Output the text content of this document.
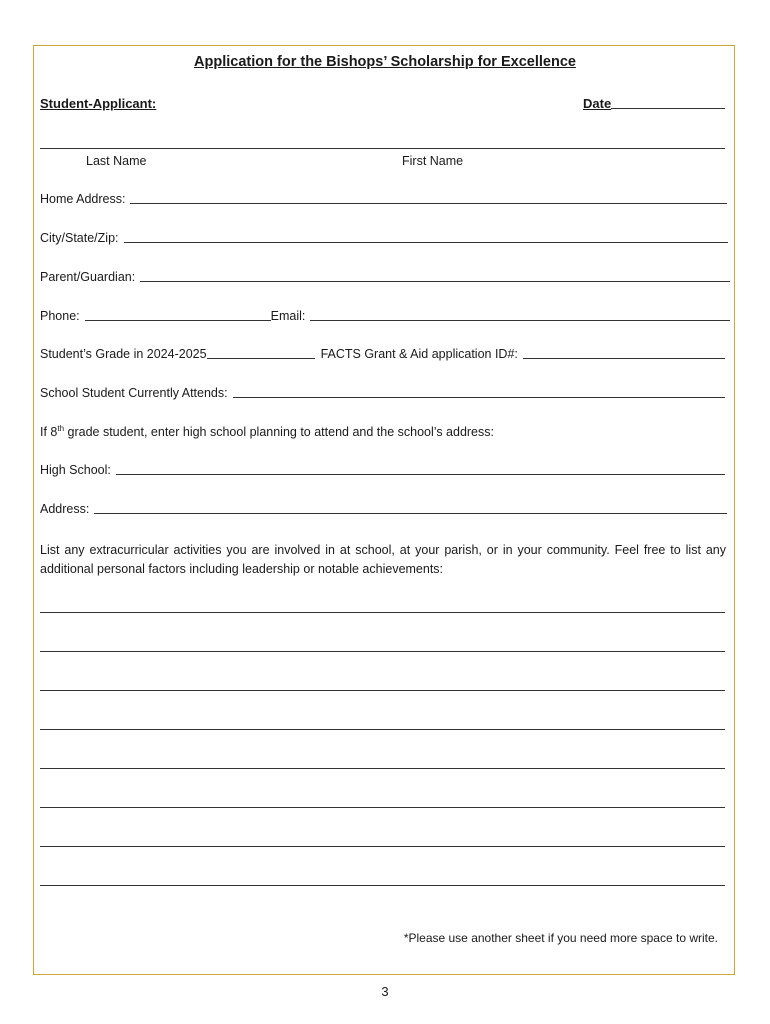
Application for the Bishops’ Scholarship for Excellence
Student-Applicant:	Date
Last Name	First Name
Home Address:
City/State/Zip:
Parent/Guardian:
Phone:	Email:
Student’s Grade in 2024-2025	FACTS Grant & Aid application ID#:
School Student Currently Attends:
If 8th grade student, enter high school planning to attend and the school’s address:
High School:
Address:
List any extracurricular activities you are involved in at school, at your parish, or in your community. Feel free to list any additional personal factors including leadership or notable achievements:
*Please use another sheet if you need more space to write.
3
